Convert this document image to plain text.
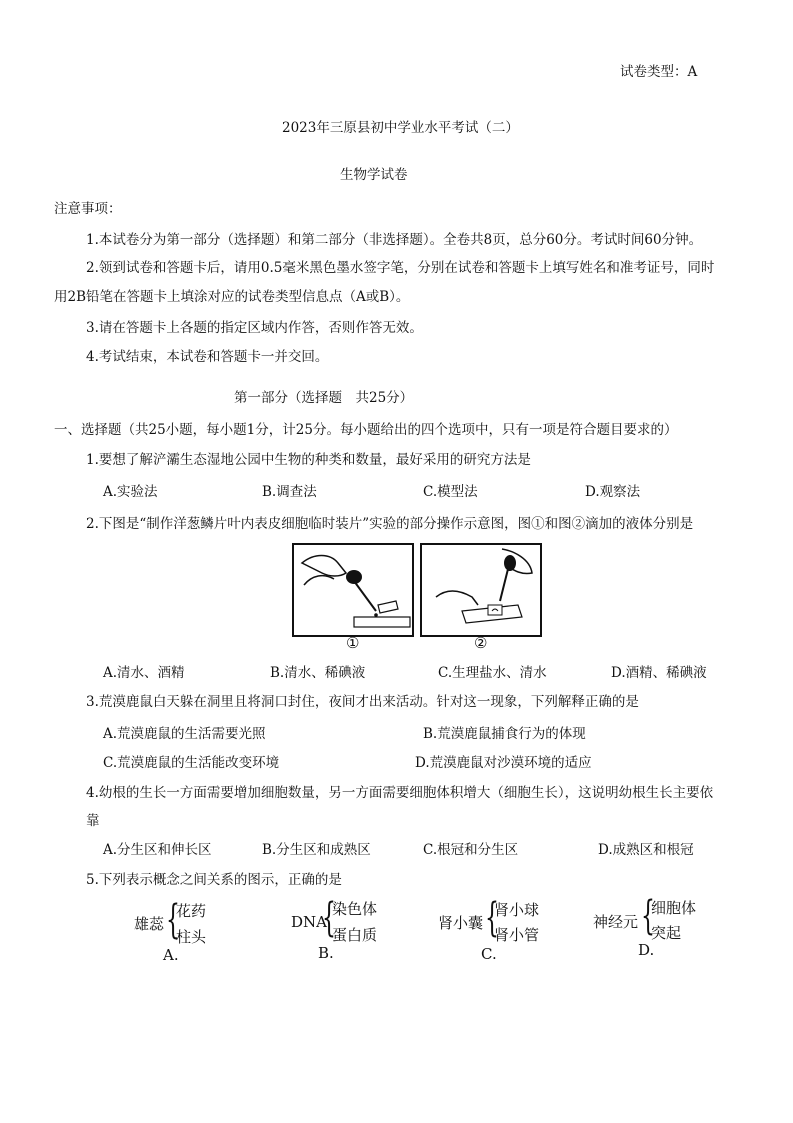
试卷类型：A
2023年三原县初中学业水平考试（二）
生物学试卷
注意事项：
1.本试卷分为第一部分（选择题）和第二部分（非选择题）。全卷共8页，总分60分。考试时间60分钟。
2.领到试卷和答题卡后，请用0.5毫米黑色墨水签字笔，分别在试卷和答题卡上填写姓名和准考证号，同时
用2B铅笔在答题卡上填涂对应的试卷类型信息点（A或B）。
3.请在答题卡上各题的指定区域内作答，否则作答无效。
4.考试结束，本试卷和答题卡一并交回。
第一部分（选择题　共25分）
一、选择题（共25小题，每小题1分，计25分。每小题给出的四个选项中，只有一项是符合题目要求的）
1.要想了解浐灞生态湿地公园中生物的种类和数量，最好采用的研究方法是
A.实验法	B.调查法	C.模型法	D.观察法
2.下图是“制作洋葱鳞片叶内表皮细胞临时装片”实验的部分操作示意图，图①和图②滴加的液体分别是
①	②
A.清水、酒精	B.清水、稀碘液	C.生理盐水、清水	D.酒精、稀碘液
3.荒漠鹿鼠白天躲在洞里且将洞口封住，夜间才出来活动。针对这一现象，下列解释正确的是
A.荒漠鹿鼠的生活需要光照	B.荒漠鹿鼠捕食行为的体现
C.荒漠鹿鼠的生活能改变环境	D.荒漠鹿鼠对沙漠环境的适应
4.幼根的生长一方面需要增加细胞数量，另一方面需要细胞体积增大（细胞生长），这说明幼根生长主要依
靠
A.分生区和伸长区	B.分生区和成熟区	C.根冠和分生区	D.成熟区和根冠
5.下列表示概念之间关系的图示，正确的是
雄蕊 {
花药
柱头
A.
DNA
{
染色体
蛋白质
B.
肾小囊 {
肾小球
肾小管
C.
神经元 {
细胞体
突起
D.
